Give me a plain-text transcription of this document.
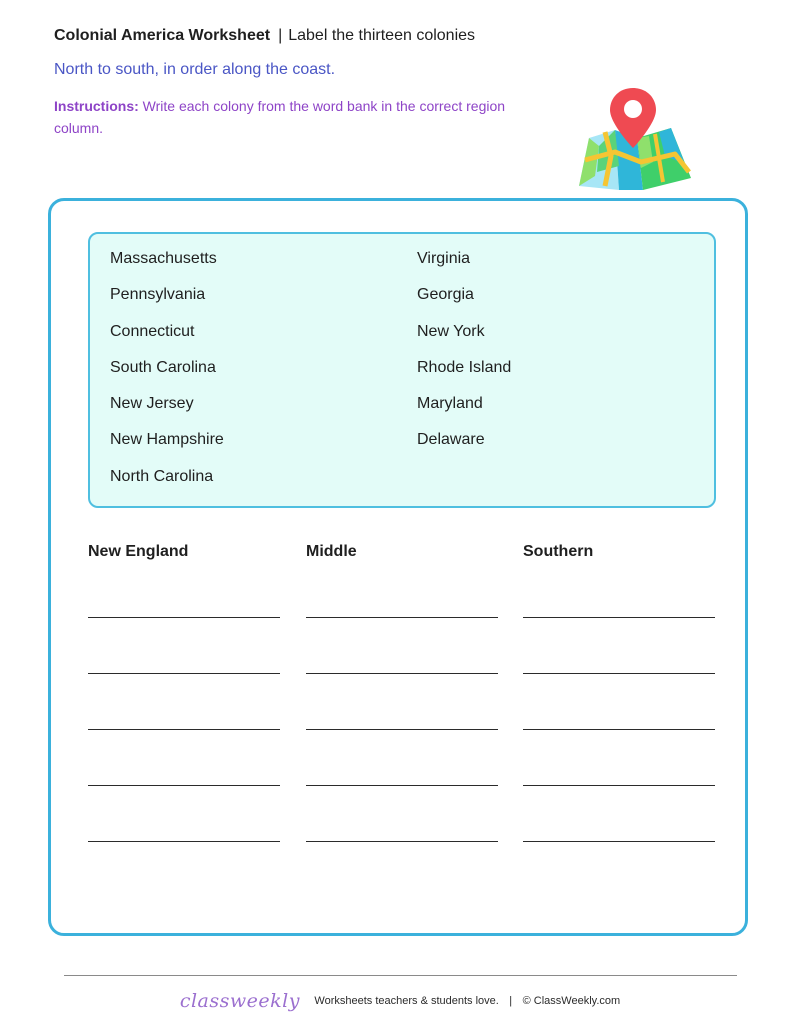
Colonial America Worksheet | Label the thirteen colonies
North to south, in order along the coast.
Instructions: Write each colony from the word bank in the correct region column.
Massachusetts
Pennsylvania
Connecticut
South Carolina
New Jersey
New Hampshire
North Carolina
Virginia
Georgia
New York
Rhode Island
Maryland
Delaware
New England	Middle	Southern
classweekly Worksheets teachers & students love. | © ClassWeekly.com
